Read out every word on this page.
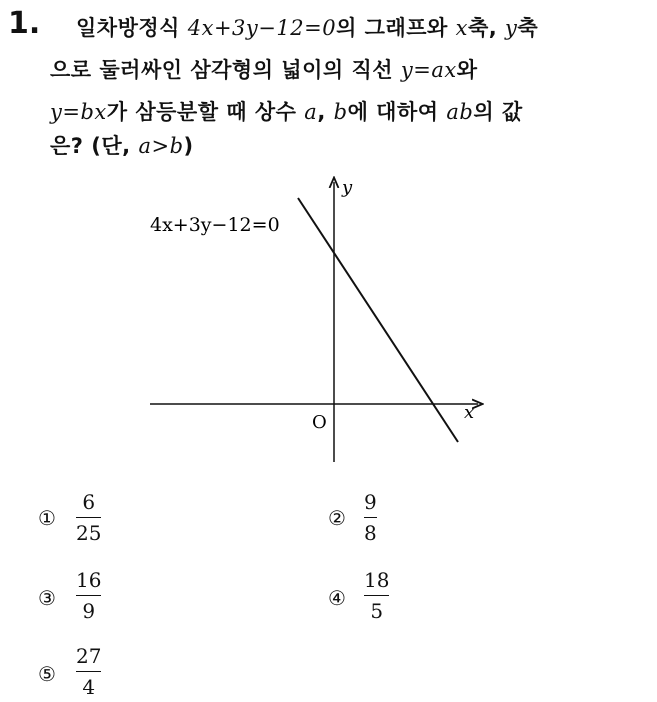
1. 일차방정식 4x+3y−12=0의 그래프와 x축, y축
으로 둘러싸인 삼각형의 넓이의 직선 y=ax와
y=bx가 삼등분할 때 상수 a, b에 대하여 ab의 값
은? (단, a>b)
y
x
O
4x+3y−12=0
①
6
25
②
9
8
③
16
9
④
18
5
⑤
27
4
